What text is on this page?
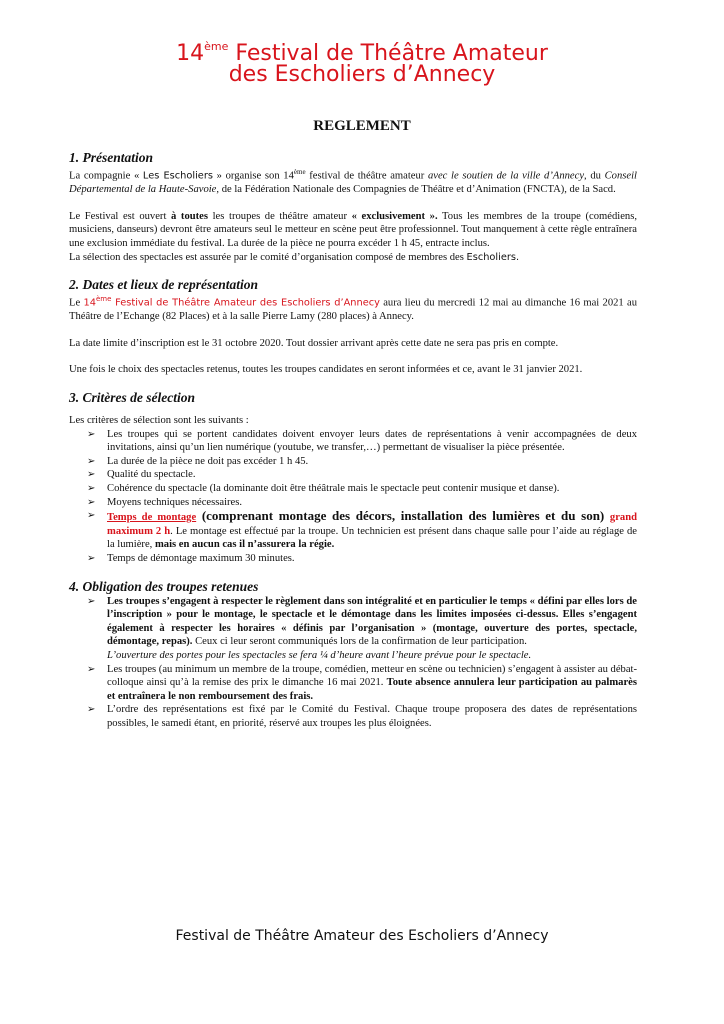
14ème Festival de Théâtre Amateur
des Escholiers d’Annecy
REGLEMENT
1. Présentation

La compagnie « Les Escholiers » organise son 14ème festival de théâtre amateur avec le soutien de la ville d’Annecy, du Conseil Départemental de la Haute-Savoie, de la Fédération Nationale des Compagnies de Théâtre et d’Animation (FNCTA), de la Sacd.

Le Festival est ouvert à toutes les troupes de théâtre amateur « exclusivement ». Tous les membres de la troupe (comédiens, musiciens, danseurs) devront être amateurs seul le metteur en scène peut être professionnel. Tout manquement à cette règle entraînera une exclusion immédiate du festival. La durée de la pièce ne pourra excéder 1 h 45, entracte inclus.

La sélection des spectacles est assurée par le comité d’organisation composé de membres des Escholiers.

2. Dates et lieux de représentation

Le 14ème Festival de Théâtre Amateur des Escholiers d’Annecy aura lieu du mercredi 12 mai au dimanche 16 mai 2021 au Théâtre de l’Echange (82 Places) et à la salle Pierre Lamy (280 places) à Annecy.

La date limite d’inscription est le 31 octobre 2020. Tout dossier arrivant après cette date ne sera pas pris en compte.

Une fois le choix des spectacles retenus, toutes les troupes candidates en seront informées et ce, avant le 31 janvier 2021.

3. Critères de sélection

Les critères de sélection sont les suivants :

➢ Les troupes qui se portent candidates doivent envoyer leurs dates de représentations à venir accompagnées de deux invitations, ainsi qu’un lien numérique (youtube, we transfer,…) permettant de visualiser la pièce présentée.
➢ La durée de la pièce ne doit pas excéder 1 h 45.
➢ Qualité du spectacle.
➢ Cohérence du spectacle (la dominante doit être théâtrale mais le spectacle peut contenir musique et danse).
➢ Moyens techniques nécessaires.
➢ Temps de montage (comprenant montage des décors, installation des lumières et du son) grand maximum 2 h. Le montage est effectué par la troupe. Un technicien est présent dans chaque salle pour l’aide au réglage de la lumière, mais en aucun cas il n’assurera la régie.
➢ Temps de démontage maximum 30 minutes.
4. Obligation des troupes retenues
➢ Les troupes s’engagent à respecter le règlement dans son intégralité et en particulier le temps « défini par elles lors de l’inscription » pour le montage, le spectacle et le démontage dans les limites imposées ci-dessus. Elles s’engagent également à respecter les horaires « définis par l’organisation » (montage, ouverture des portes, spectacle, démontage, repas). Ceux ci leur seront communiqués lors de la confirmation de leur participation.
L’ouverture des portes pour les spectacles se fera ¼ d’heure avant l’heure prévue pour le spectacle.
➢ Les troupes (au minimum un membre de la troupe, comédien, metteur en scène ou technicien) s’engagent à assister au débat-colloque ainsi qu’à la remise des prix le dimanche 16 mai 2021. Toute absence annulera leur participation au palmarès et entraînera le non remboursement des frais.
➢ L’ordre des représentations est fixé par le Comité du Festival. Chaque troupe proposera des dates de représentations possibles, le samedi étant, en priorité, réservé aux troupes les plus éloignées.
Festival de Théâtre Amateur des Escholiers d’Annecy
